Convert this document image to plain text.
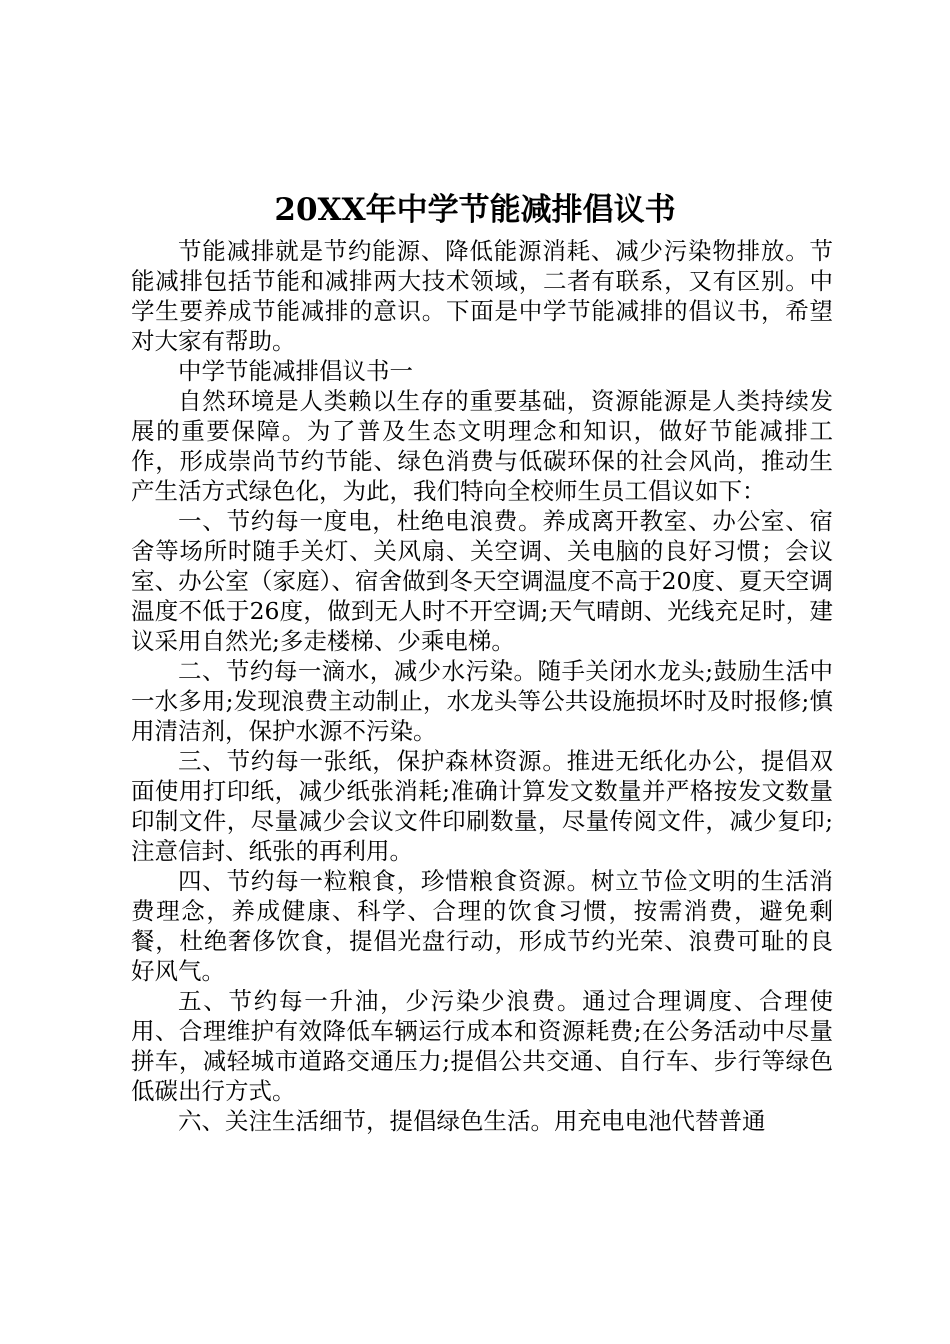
20XX年中学节能减排倡议书

节能减排就是节约能源、降低能源消耗、减少污染物排放。节能减排包括节能和减排两大技术领域，二者有联系，又有区别。中学生要养成节能减排的意识。下面是中学节能减排的倡议书，希望对大家有帮助。

中学节能减排倡议书一

自然环境是人类赖以生存的重要基础，资源能源是人类持续发展的重要保障。为了普及生态文明理念和知识，做好节能减排工作，形成崇尚节约节能、绿色消费与低碳环保的社会风尚，推动生产生活方式绿色化，为此，我们特向全校师生员工倡议如下：

一、节约每一度电，杜绝电浪费。养成离开教室、办公室、宿舍等场所时随手关灯、关风扇、关空调、关电脑的良好习惯；会议室、办公室（家庭）、宿舍做到冬天空调温度不高于20度、夏天空调温度不低于26度，做到无人时不开空调;天气晴朗、光线充足时，建议采用自然光;多走楼梯、少乘电梯。

二、节约每一滴水，减少水污染。随手关闭水龙头;鼓励生活中一水多用;发现浪费主动制止，水龙头等公共设施损坏时及时报修;慎用清洁剂，保护水源不污染。

三、节约每一张纸，保护森林资源。推进无纸化办公，提倡双面使用打印纸，减少纸张消耗;准确计算发文数量并严格按发文数量印制文件，尽量减少会议文件印刷数量，尽量传阅文件，减少复印;注意信封、纸张的再利用。

四、节约每一粒粮食，珍惜粮食资源。树立节俭文明的生活消费理念，养成健康、科学、合理的饮食习惯，按需消费，避免剩餐，杜绝奢侈饮食，提倡光盘行动，形成节约光荣、浪费可耻的良好风气。

五、节约每一升油，少污染少浪费。通过合理调度、合理使用、合理维护有效降低车辆运行成本和资源耗费;在公务活动中尽量拼车，减轻城市道路交通压力;提倡公共交通、自行车、步行等绿色低碳出行方式。

六、关注生活细节，提倡绿色生活。用充电电池代替普通
